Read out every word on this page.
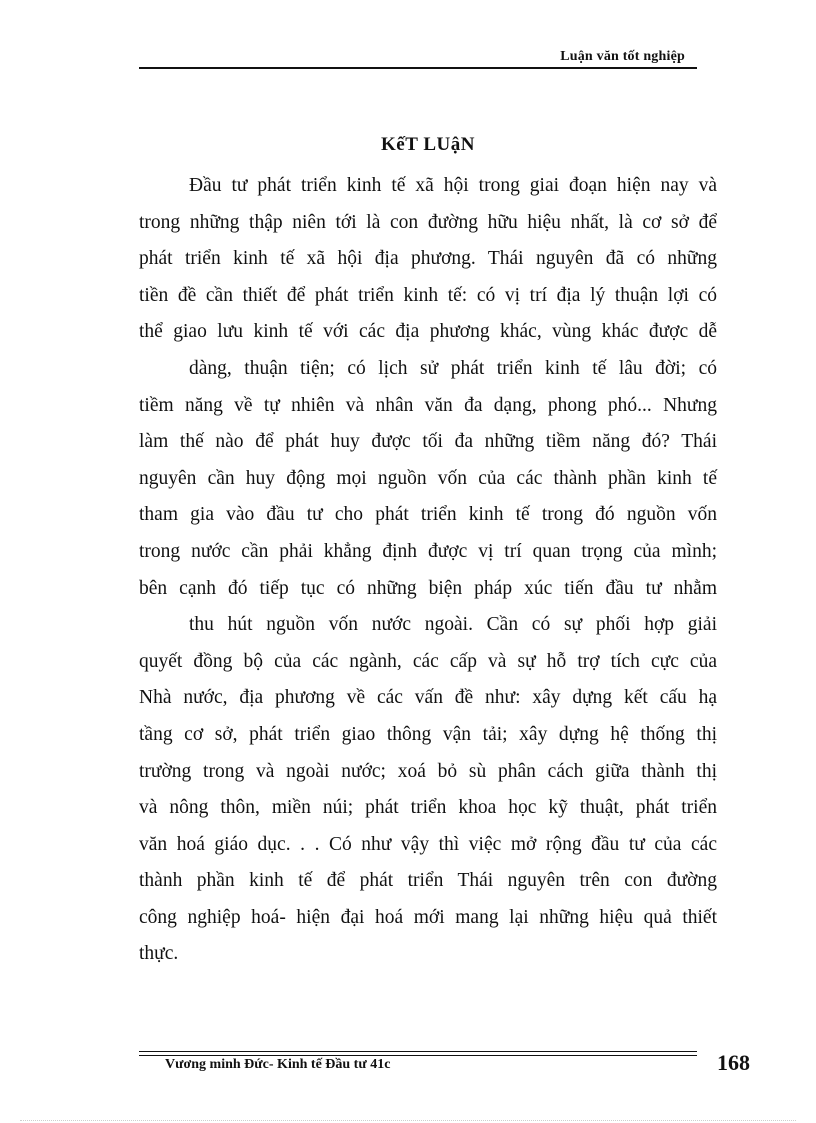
Luận văn tốt nghiệp
KếT LUậN
Đầu tư phát triển kinh tế xã hội trong giai đoạn hiện nay và
trong những thập niên tới là con đường hữu hiệu nhất, là cơ sở để
phát triển kinh tế xã hội địa phương. Thái nguyên đã có những
tiền đề cần thiết để phát triển kinh tế: có vị trí địa lý thuận lợi có
thể giao lưu kinh tế với các địa phương khác, vùng khác được dễ
dàng, thuận tiện; có lịch sử phát triển kinh tế lâu đời; có
tiềm năng về tự nhiên và nhân văn đa dạng, phong phó... Nhưng
làm thế nào để phát huy được tối đa những tiềm năng đó? Thái
nguyên cần huy động mọi nguồn vốn của các thành phần kinh tế
tham gia vào đầu tư cho phát triển kinh tế trong đó nguồn vốn
trong nước cần phải khẳng định được vị trí quan trọng của mình;
bên cạnh đó tiếp tục có những biện pháp xúc tiến đầu tư nhằm
thu hút nguồn vốn nước ngoài. Cần có sự phối hợp giải
quyết đồng bộ của các ngành, các cấp và sự hỗ trợ tích cực của
Nhà nước, địa phương về các vấn đề như: xây dựng kết cấu hạ
tầng cơ sở, phát triển giao thông vận tải; xây dựng hệ thống thị
trường trong và ngoài nước; xoá bỏ sù phân cách giữa thành thị
và nông thôn, miền núi; phát triển khoa học kỹ thuật, phát triển
văn hoá giáo dục. . . Có như vậy thì việc mở rộng đầu tư của các
thành phần kinh tế để phát triển Thái nguyên trên con đường
công nghiệp hoá- hiện đại hoá mới mang lại những hiệu quả thiết
thực.
Vương minh Đức- Kinh tế Đầu tư 41c	168
